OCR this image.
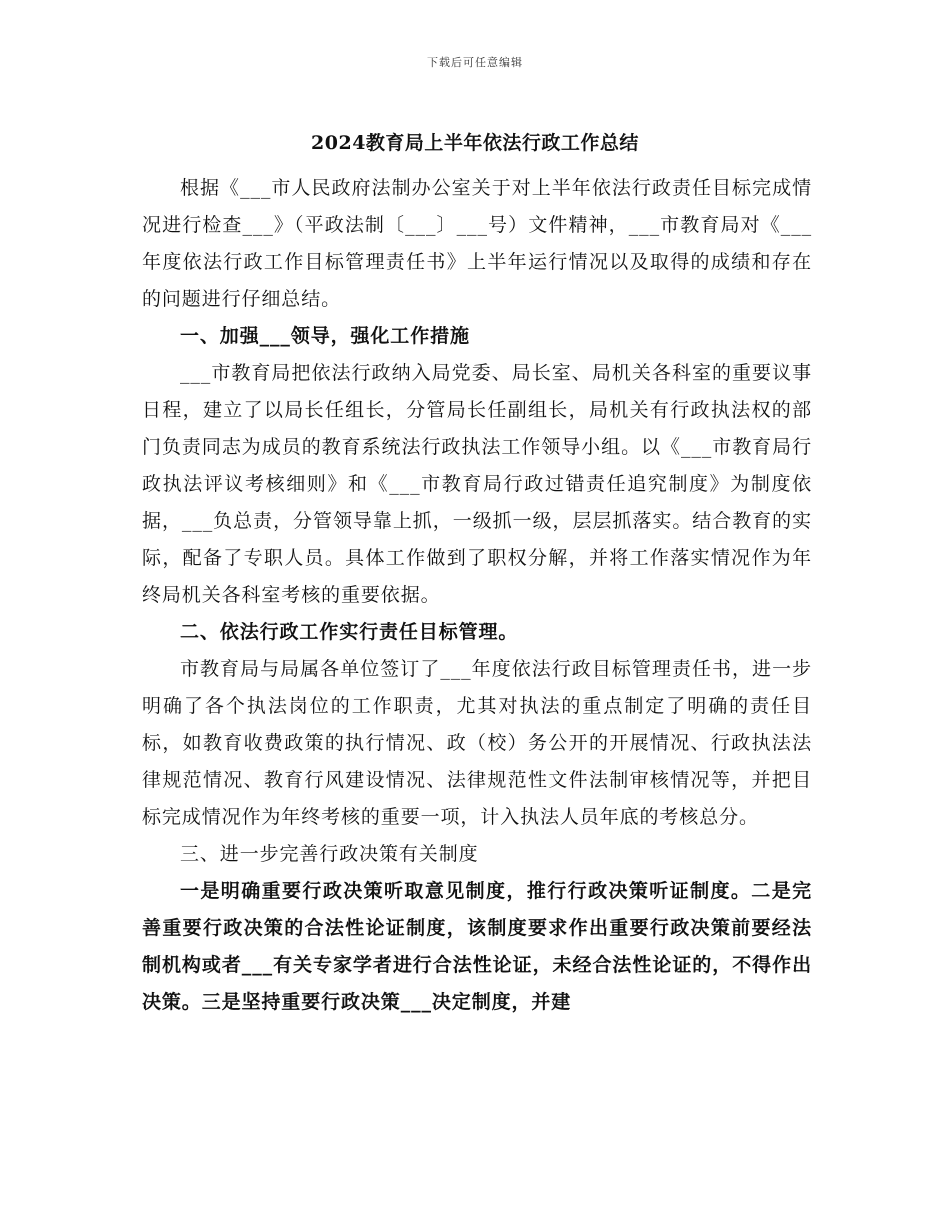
下载后可任意编辑
2024教育局上半年依法行政工作总结

根据《___市人民政府法制办公室关于对上半年依法行政责任目标完成情况进行检查___》（平政法制〔___〕___号）文件精神，___市教育局对《___年度依法行政工作目标管理责任书》上半年运行情况以及取得的成绩和存在的问题进行仔细总结。

一、加强___领导，强化工作措施

___市教育局把依法行政纳入局党委、局长室、局机关各科室的重要议事日程，建立了以局长任组长，分管局长任副组长，局机关有行政执法权的部门负责同志为成员的教育系统法行政执法工作领导小组。以《___市教育局行政执法评议考核细则》和《___市教育局行政过错责任追究制度》为制度依据，___负总责，分管领导靠上抓，一级抓一级，层层抓落实。结合教育的实际，配备了专职人员。具体工作做到了职权分解，并将工作落实情况作为年终局机关各科室考核的重要依据。

二、依法行政工作实行责任目标管理。

市教育局与局属各单位签订了___年度依法行政目标管理责任书，进一步明确了各个执法岗位的工作职责，尤其对执法的重点制定了明确的责任目标，如教育收费政策的执行情况、政（校）务公开的开展情况、行政执法法律规范情况、教育行风建设情况、法律规范性文件法制审核情况等，并把目标完成情况作为年终考核的重要一项，计入执法人员年底的考核总分。

三、进一步完善行政决策有关制度

一是明确重要行政决策听取意见制度，推行行政决策听证制度。二是完善重要行政决策的合法性论证制度，该制度要求作出重要行政决策前要经法制机构或者___有关专家学者进行合法性论证，未经合法性论证的，不得作出决策。三是坚持重要行政决策___决定制度，并建
